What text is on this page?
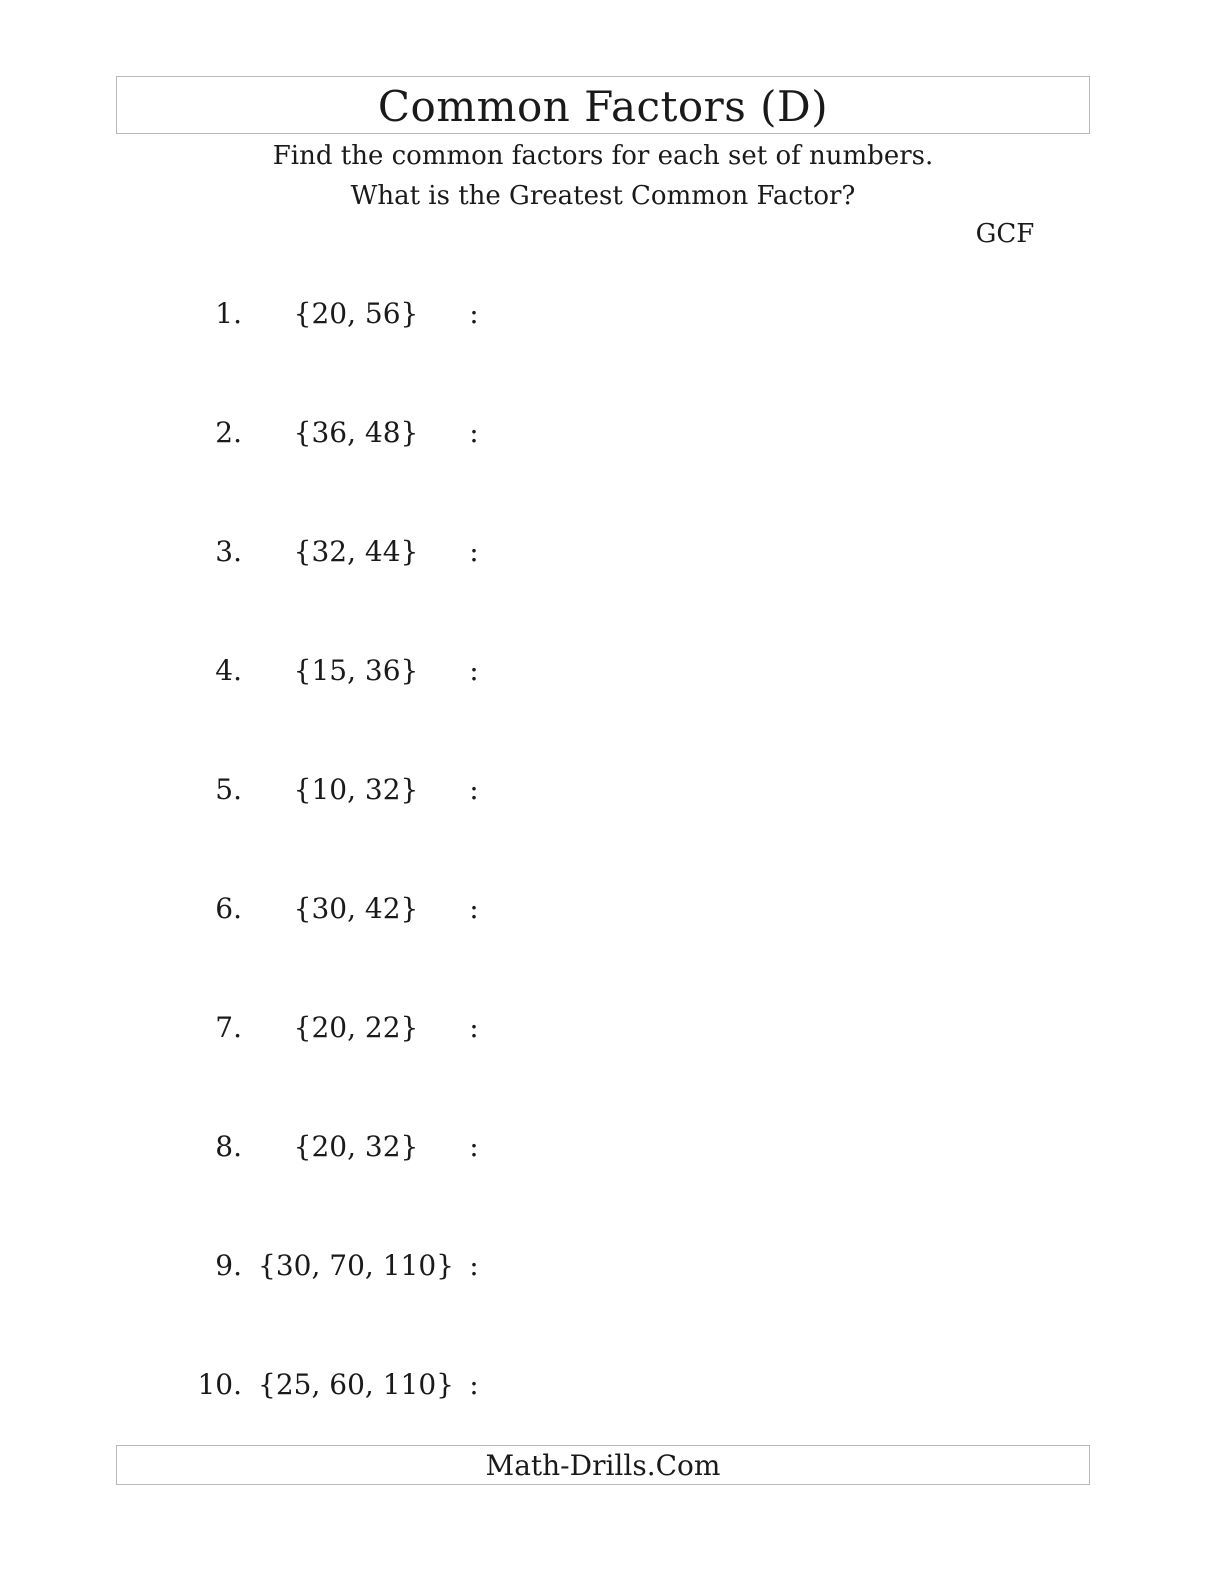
Common Factors (D)
Find the common factors for each set of numbers.
What is the Greatest Common Factor?
GCF
1.	{20, 56}	:
2.	{36, 48}	:
3.	{32, 44}	:
4.	{15, 36}	:
5.	{10, 32}	:
6.	{30, 42}	:
7.	{20, 22}	:
8.	{20, 32}	:
9. {30, 70, 110} :
10. {25, 60, 110} :
Math-Drills.Com
